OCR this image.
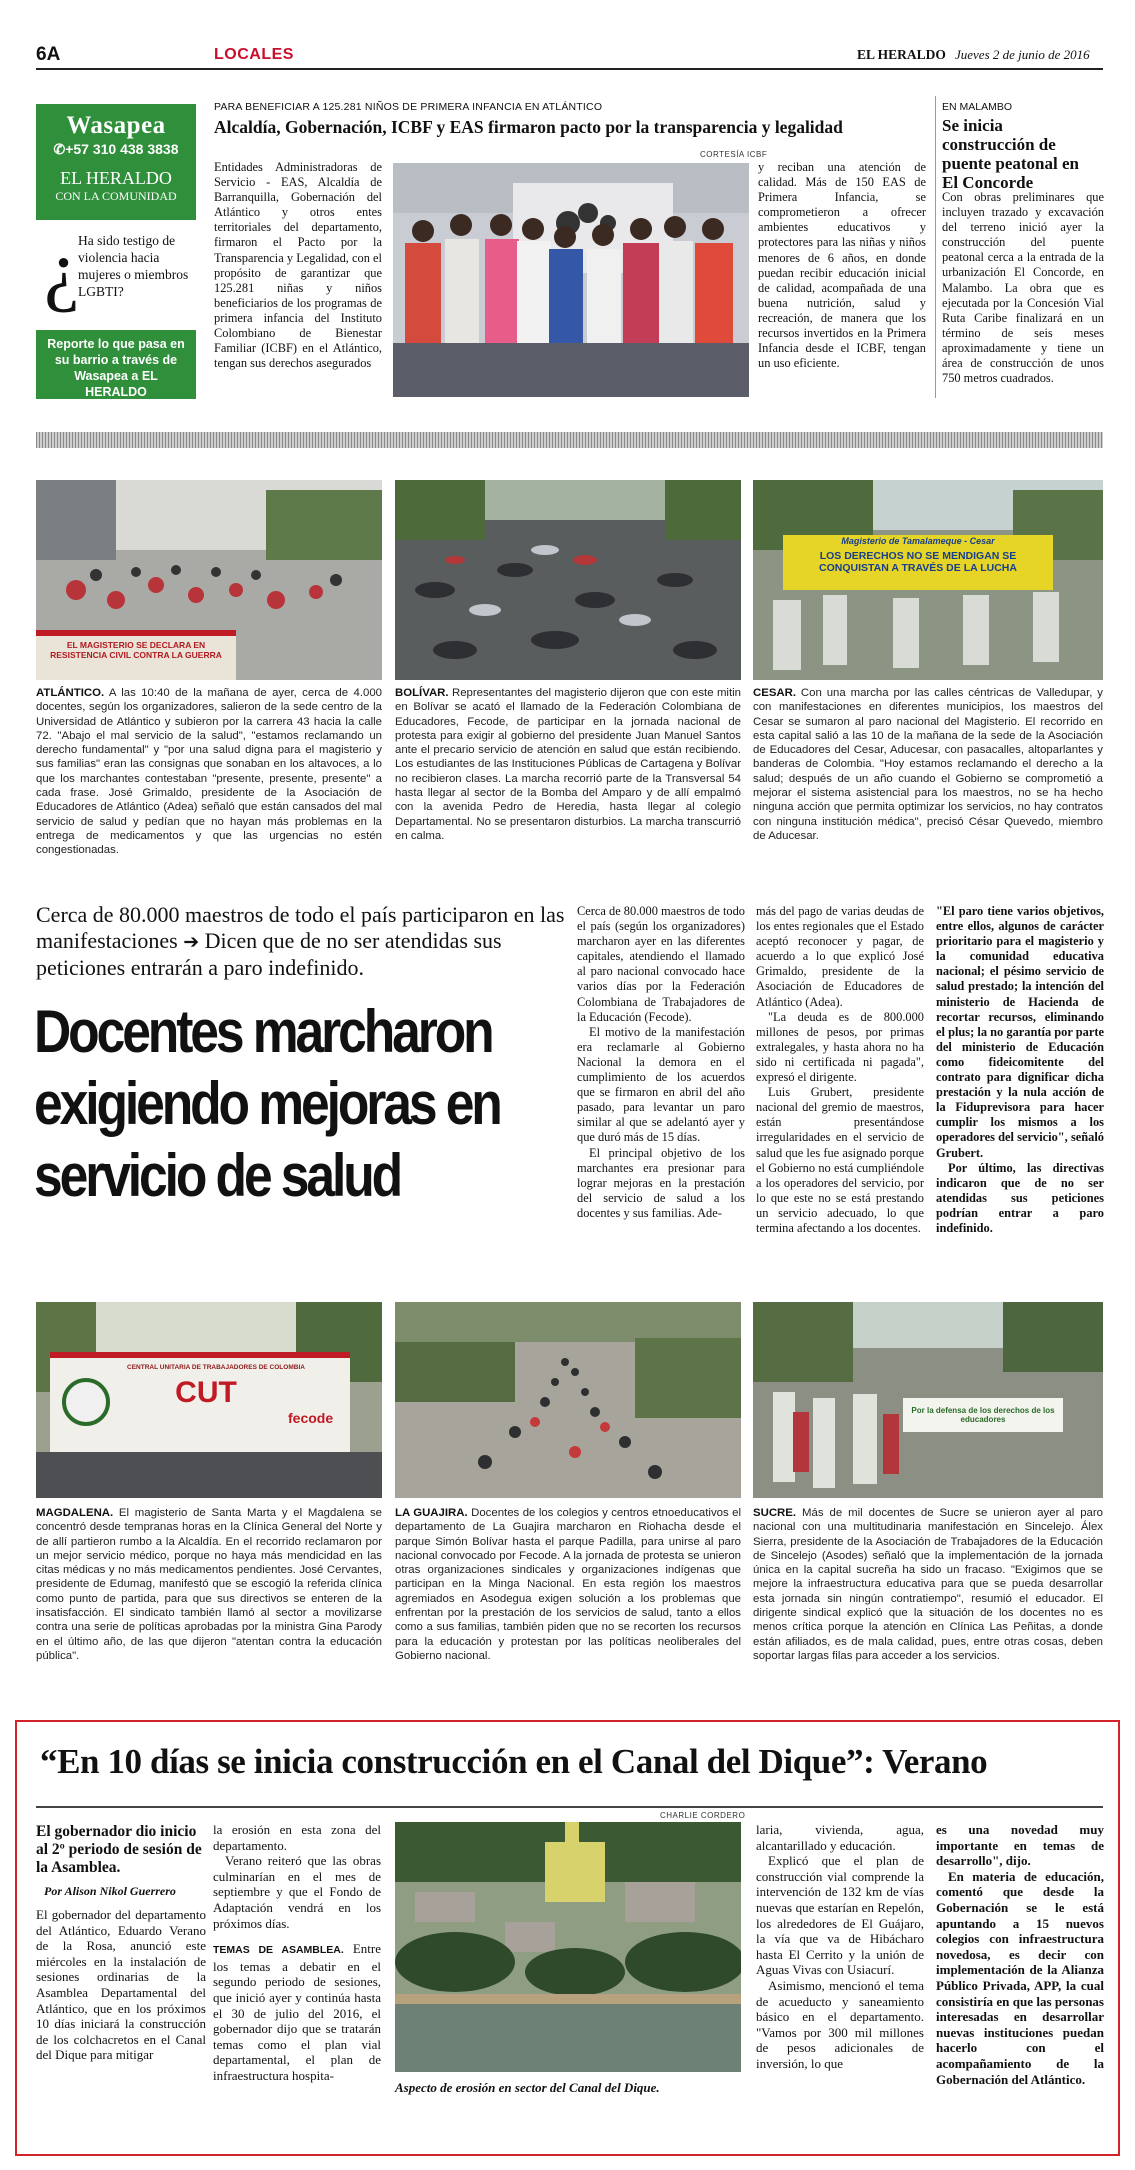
6A	LOCALES	EL HERALDO Jueves 2 de junio de 2016
Wasapea
✆+57 310 438 3838
EL HERALDO
CON LA COMUNIDAD
¿
Ha sido testigo de violencia hacia mujeres o miembros LGBTI?
Reporte lo que pasa en su barrio a través de Wasapea a EL HERALDO
PARA BENEFICIAR A 125.281 NIÑOS DE PRIMERA INFANCIA EN ATLÁNTICO
Alcaldía, Gobernación, ICBF y EAS firmaron pacto por la transparencia y legalidad
CORTESÍA ICBF

Entidades Administradoras de Servicio - EAS, Alcaldía de Barranquilla, Gobernación del Atlántico y otros entes territoriales del departamento, firmaron el Pacto por la Transparencia y Legalidad, con el propósito de garantizar que 125.281 niñas y niños beneficiarios de los programas de primera infancia del Instituto Colombiano de Bienestar Familiar (ICBF) en el Atlántico, tengan sus derechos asegurados

y reciban una atención de calidad. Más de 150 EAS de Primera Infancia, se comprometieron a ofrecer ambientes educativos y protectores para las niñas y niños menores de 6 años, en donde puedan recibir educación inicial de calidad, acompañada de una buena nutrición, salud y recreación, de manera que los recursos invertidos en la Primera Infancia desde el ICBF, tengan un uso eficiente.

EN MALAMBO
Se inicia construcción de puente peatonal en El Concorde

Con obras preliminares que incluyen trazado y excavación del terreno inició ayer la construcción del puente peatonal cerca a la entrada de la urbanización El Concorde, en Malambo. La obra que es ejecutada por la Concesión Vial Ruta Caribe finalizará en un término de seis meses aproximadamente y tiene un área de construcción de unos 750 metros cuadrados.

EL MAGISTERIO SE DECLARA EN RESISTENCIA CIVIL CONTRA LA GUERRA
Magisterio de Tamalameque - Cesar
LOS DERECHOS NO SE MENDIGAN SE CONQUISTAN A TRAVÉS DE LA LUCHA
ATLÁNTICO. A las 10:40 de la mañana de ayer, cerca de 4.000 docentes, según los organizadores, salieron de la sede centro de la Universidad de Atlántico y subieron por la carrera 43 hacia la calle 72. "Abajo el mal servicio de la salud", "estamos reclamando un derecho fundamental" y "por una salud digna para el magisterio y sus familias" eran las consignas que sonaban en los altavoces, a lo que los marchantes contestaban "presente, presente, presente" a cada frase. José Grimaldo, presidente de la Asociación de Educadores de Atlántico (Adea) señaló que están cansados del mal servicio de salud y pedían que no hayan más problemas en la entrega de medicamentos y que las urgencias no estén congestionadas.
BOLÍVAR. Representantes del magisterio dijeron que con este mitin en Bolívar se acató el llamado de la Federación Colombiana de Educadores, Fecode, de participar en la jornada nacional de protesta para exigir al gobierno del presidente Juan Manuel Santos ante el precario servicio de atención en salud que están recibiendo. Los estudiantes de las Instituciones Públicas de Cartagena y Bolívar no recibieron clases. La marcha recorrió parte de la Transversal 54 hasta llegar al sector de la Bomba del Amparo y de allí empalmó con la avenida Pedro de Heredia, hasta llegar al colegio Departamental. No se presentaron disturbios. La marcha transcurrió en calma.
CESAR. Con una marcha por las calles céntricas de Valledupar, y con manifestaciones en diferentes municipios, los maestros del Cesar se sumaron al paro nacional del Magisterio. El recorrido en esta capital salió a las 10 de la mañana de la sede de la Asociación de Educadores del Cesar, Aducesar, con pasacalles, altoparlantes y banderas de Colombia. "Hoy estamos reclamando el derecho a la salud; después de un año cuando el Gobierno se comprometió a mejorar el sistema asistencial para los maestros, no se ha hecho ninguna acción que permita optimizar los servicios, no hay contratos con ninguna institución médica", precisó César Quevedo, miembro de Aducesar.
Cerca de 80.000 maestros de todo el país participaron en las manifestaciones ➔ Dicen que de no ser atendidas sus peticiones entrarán a paro indefinido.
Docentes marcharon exigiendo mejoras en servicio de salud

Cerca de 80.000 maestros de todo el país (según los organizadores) marcharon ayer en las diferentes capitales, atendiendo el llamado al paro nacional convocado hace varios días por la Federación Colombiana de Trabajadores de la Educación (Fecode).

El motivo de la manifestación era reclamarle al Gobierno Nacional la demora en el cumplimiento de los acuerdos que se firmaron en abril del año pasado, para levantar un paro similar al que se adelantó ayer y que duró más de 15 días.

El principal objetivo de los marchantes era presionar para lograr mejoras en la prestación del servicio de salud a los docentes y sus familias. Ade-

más del pago de varias deudas de los entes regionales que el Estado aceptó reconocer y pagar, de acuerdo a lo que explicó José Grimaldo, presidente de la Asociación de Educadores de Atlántico (Adea).

"La deuda es de 800.000 millones de pesos, por primas extralegales, y hasta ahora no ha sido ni certificada ni pagada", expresó el dirigente.

Luis Grubert, presidente nacional del gremio de maestros, están presentándose irregularidades en el servicio de salud que les fue asignado porque el Gobierno no está cumpliéndole a los operadores del servicio, por lo que este no se está prestando un servicio adecuado, lo que termina afectando a los docentes.

"El paro tiene varios objetivos, entre ellos, algunos de carácter prioritario para el magisterio y la comunidad educativa nacional; el pésimo servicio de salud prestado; la intención del ministerio de Hacienda de recortar recursos, eliminando el plus; la no garantía por parte del ministerio de Educación como fideicomitente del contrato para dignificar dicha prestación y la nula acción de la Fiduprevisora para hacer cumplir los mismos a los operadores del servicio", señaló Grubert.

Por último, las directivas indicaron que de no ser atendidas sus peticiones podrían entrar a paro indefinido.

CENTRAL UNITARIA DE TRABAJADORES DE COLOMBIA
CUT
fecode	Por la defensa de los derechos de los educadores
MAGDALENA. El magisterio de Santa Marta y el Magdalena se concentró desde tempranas horas en la Clínica General del Norte y de allí partieron rumbo a la Alcaldía. En el recorrido reclamaron por un mejor servicio médico, porque no haya más mendicidad en las citas médicas y no más medicamentos pendientes. José Cervantes, presidente de Edumag, manifestó que se escogió la referida clínica como punto de partida, para que sus directivos se enteren de la insatisfacción. El sindicato también llamó al sector a movilizarse contra una serie de políticas aprobadas por la ministra Gina Parody en el último año, de las que dijeron "atentan contra la educación pública".
LA GUAJIRA. Docentes de los colegios y centros etnoeducativos el departamento de La Guajira marcharon en Riohacha desde el parque Simón Bolívar hasta el parque Padilla, para unirse al paro nacional convocado por Fecode. A la jornada de protesta se unieron otras organizaciones sindicales y organizaciones indígenas que participan en la Minga Nacional. En esta región los maestros agremiados en Asodegua exigen solución a los problemas que enfrentan por la prestación de los servicios de salud, tanto a ellos como a sus familias, también piden que no se recorten los recursos para la educación y protestan por las políticas neoliberales del Gobierno nacional.
SUCRE. Más de mil docentes de Sucre se unieron ayer al paro nacional con una multitudinaria manifestación en Sincelejo. Álex Sierra, presidente de la Asociación de Trabajadores de la Educación de Sincelejo (Asodes) señaló que la implementación de la jornada única en la capital sucreña ha sido un fracaso. "Exigimos que se mejore la infraestructura educativa para que se pueda desarrollar esta jornada sin ningún contratiempo", resumió el educador. El dirigente sindical explicó que la situación de los docentes no es menos crítica porque la atención en Clínica Las Peñitas, a donde están afiliados, es de mala calidad, pues, entre otras cosas, deben soportar largas filas para acceder a los servicios.
“En 10 días se inicia construcción en el Canal del Dique”: Verano
El gobernador dio inicio al 2º periodo de sesión de la Asamblea.
Por Alison Nikol Guerrero

El gobernador del departamento del Atlántico, Eduardo Verano de la Rosa, anunció este miércoles en la instalación de sesiones ordinarias de la Asamblea Departamental del Atlántico, que en los próximos 10 días iniciará la construcción de los colchacretos en el Canal del Dique para mitigar

la erosión en esta zona del departamento.

Verano reiteró que las obras culminarían en el mes de septiembre y que el Fondo de Adaptación vendrá en los próximos días.

TEMAS DE ASAMBLEA. Entre los temas a debatir en el segundo periodo de sesiones, que inició ayer y continúa hasta el 30 de julio del 2016, el gobernador dijo que se tratarán temas como el plan vial departamental, el plan de infraestructura hospita-

CHARLIE CORDERO
Aspecto de erosión en sector del Canal del Dique.

laria, vivienda, agua, alcantarillado y educación.

Explicó que el plan de construcción vial comprende la intervención de 132 km de vías nuevas que estarían en Repelón, los alrededores de El Guájaro, la vía que va de Hibácharo hasta El Cerrito y la unión de Aguas Vivas con Usiacurí.

Asimismo, mencionó el tema de acueducto y saneamiento básico en el departamento. "Vamos por 300 mil millones de pesos adicionales de inversión, lo que

es una novedad muy importante en temas de desarrollo", dijo.

En materia de educación, comentó que desde la Gobernación se le está apuntando a 15 nuevos colegios con infraestructura novedosa, es decir con implementación de la Alianza Público Privada, APP, la cual consistiría en que las personas interesadas en desarrollar nuevas instituciones puedan hacerlo con el acompañamiento de la Gobernación del Atlántico.
